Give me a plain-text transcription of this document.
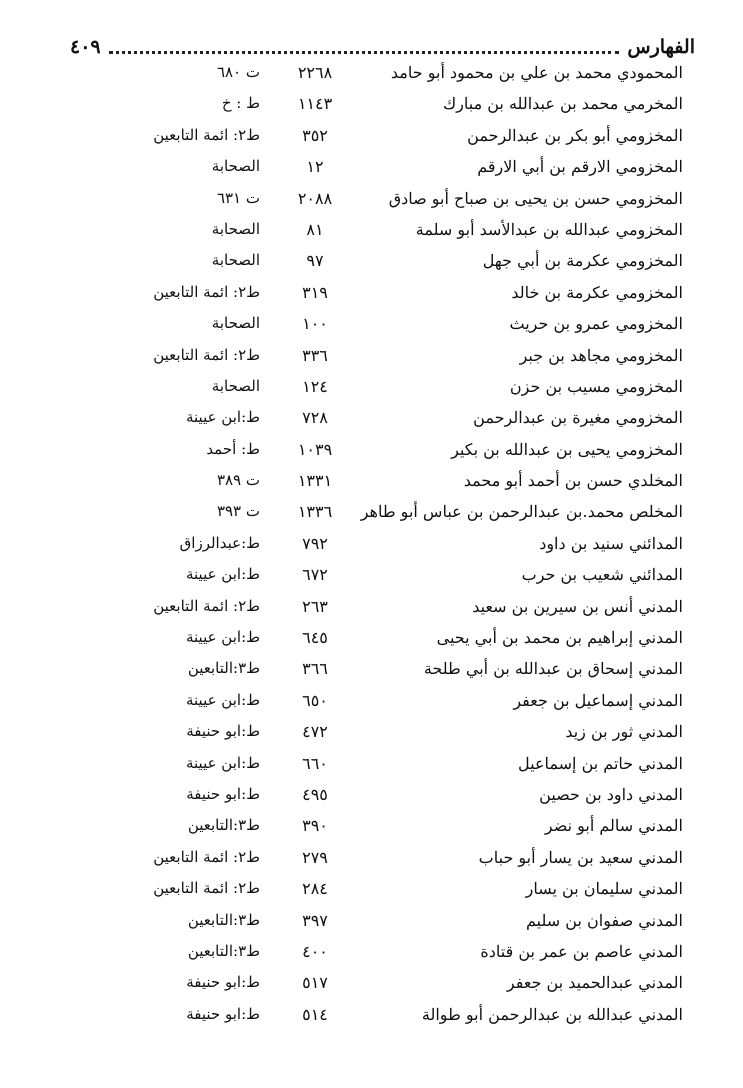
الفهارس
٤٠٩
المحمودي محمد بن علي بن محمود أبو حامد
٢٢٦٨
ت ٦٨٠
المخرمي محمد بن عبدالله بن مبارك
١١٤٣
ط : خ
المخزومي أبو بكر بن عبدالرحمن
٣٥٢
ط٢: ائمة التابعين
المخزومي الارقم بن أبي الارقم
١٢
الصحابة
المخزومي حسن بن يحيى بن صباح أبو صادق
٢٠٨٨
ت ٦٣١
المخزومي عبدالله بن عبدالأسد أبو سلمة
٨١
الصحابة
المخزومي عكرمة بن أبي جهل
٩٧
الصحابة
المخزومي عكرمة بن خالد
٣١٩
ط٢: ائمة التابعين
المخزومي عمرو بن حريث
١٠٠
الصحابة
المخزومي مجاهد بن جبر
٣٣٦
ط٢: ائمة التابعين
المخزومي مسيب بن حزن
١٢٤
الصحابة
المخزومي مغيرة بن عبدالرحمن
٧٢٨
ط:ابن عيينة
المخزومي يحيى بن عبدالله بن بكير
١٠٣٩
ط: أحمد
المخلدي حسن بن أحمد أبو محمد
١٣٣١
ت ٣٨٩
المخلص محمد.بن عبدالرحمن بن عباس أبو طاهر
١٣٣٦
ت ٣٩٣
المدائني سنيد بن داود
٧٩٢
ط:عبدالرزاق
المدائني شعيب بن حرب
٦٧٢
ط:ابن عيينة
المدني أنس بن سيرين بن سعيد
٢٦٣
ط٢: ائمة التابعين
المدني إبراهيم بن محمد بن أبي يحيى
٦٤٥
ط:ابن عيينة
المدني إسحاق بن عبدالله بن أبي طلحة
٣٦٦
ط٣:التابعين
المدني إسماعيل بن جعفر
٦٥٠
ط:ابن عيينة
المدني ثور بن زيد
٤٧٢
ط:ابو حنيفة
المدني حاتم بن إسماعيل
٦٦٠
ط:ابن عيينة
المدني داود بن حصين
٤٩٥
ط:ابو حنيفة
المدني سالم أبو نضر
٣٩٠
ط٣:التابعين
المدني سعيد بن يسار أبو حباب
٢٧٩
ط٢: ائمة التابعين
المدني سليمان بن يسار
٢٨٤
ط٢: ائمة التابعين
المدني صفوان بن سليم
٣٩٧
ط٣:التابعين
المدني عاصم بن عمر بن قتادة
٤٠٠
ط٣:التابعين
المدني عبدالحميد بن جعفر
٥١٧
ط:ابو حنيفة
المدني عبدالله بن عبدالرحمن أبو طوالة
٥١٤
ط:ابو حنيفة
